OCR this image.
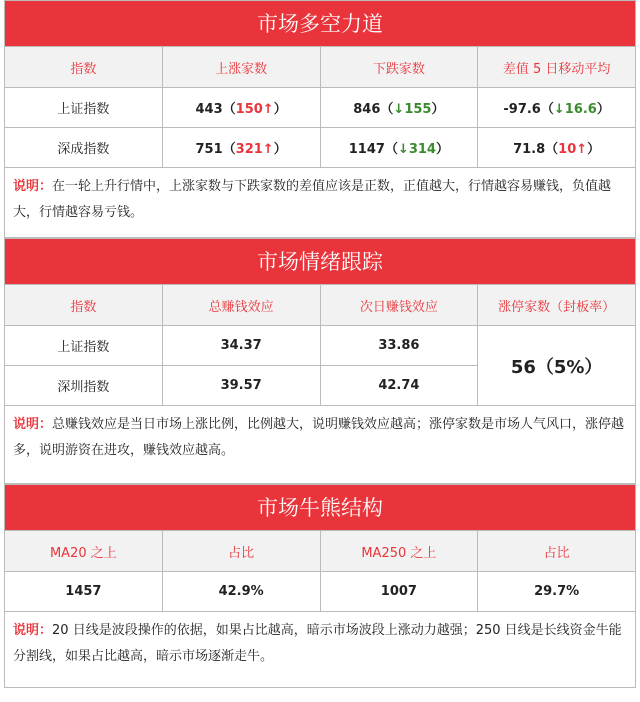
市场多空力道
指数	上涨家数	下跌家数	差值 5 日移动平均
上证指数	443（150↑）	846（↓155）	-97.6（↓16.6）
深成指数	751（321↑）	1147（↓314）	71.8（10↑）
说明：在一轮上升行情中，上涨家数与下跌家数的差值应该是正数，正值越大，行情越容易赚钱，负值越大，行情越容易亏钱。
市场情绪跟踪
指数	总赚钱效应	次日赚钱效应	涨停家数（封板率）
上证指数	34.37	33.86	56（5%）
深圳指数	39.57	42.74	
说明：总赚钱效应是当日市场上涨比例，比例越大，说明赚钱效应越高；涨停家数是市场人气风口，涨停越多，说明游资在进攻，赚钱效应越高。
市场牛熊结构
MA20 之上	占比	MA250 之上	占比
1457	42.9%	1007	29.7%
说明：20 日线是波段操作的依据，如果占比越高，暗示市场波段上涨动力越强；250 日线是长线资金牛能分割线，如果占比越高，暗示市场逐渐走牛。
